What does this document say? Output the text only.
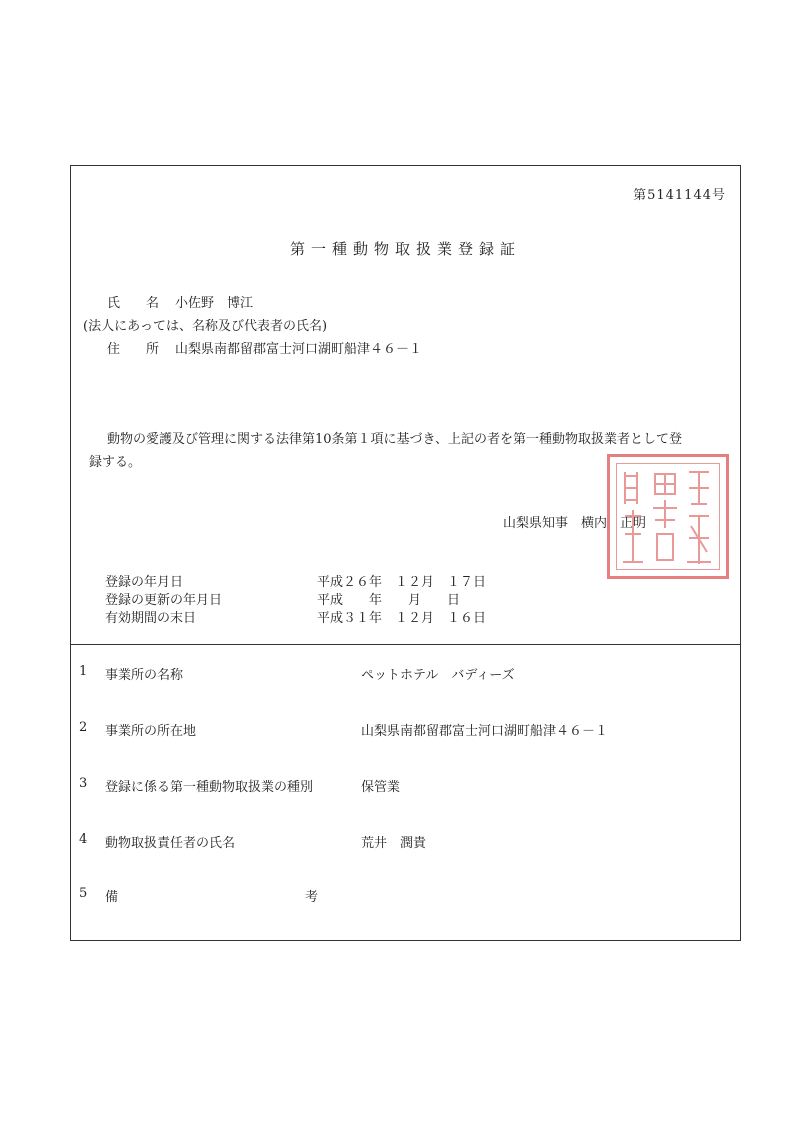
第5141144号
第一種動物取扱業登録証
氏　　名 小佐野　博江
(法人にあっては、名称及び代表者の氏名)
住　　所 山梨県南都留郡富士河口湖町船津４６－１
動物の愛護及び管理に関する法律第10条第１項に基づき、上記の者を第一種動物取扱業者として登
録する。
山梨県知事　横内　正明
登録の年月日	平成２６年　１２月　１７日
登録の更新の年月日	平成　　年　　月　　日
有効期間の末日	平成３１年　１２月　１６日
1 事業所の名称	ペットホテル　バディーズ
2 事業所の所在地	山梨県南都留郡富士河口湖町船津４６－１
3 登録に係る第一種動物取扱業の種別	保管業
4 動物取扱責任者の氏名	荒井　潤貴
5 備	考
